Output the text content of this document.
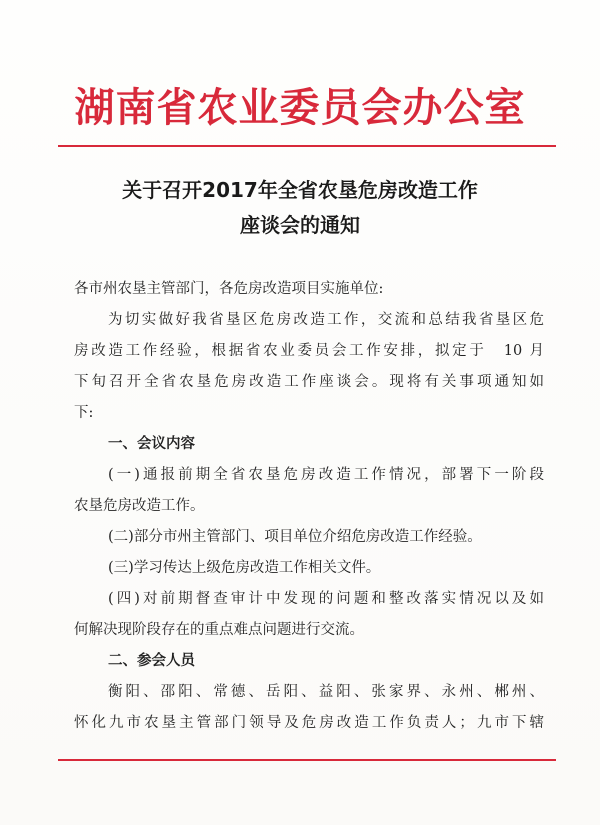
湖南省农业委员会办公室
关于召开2017年全省农垦危房改造工作
座谈会的通知
各市州农垦主管部门，各危房改造项目实施单位:
为切实做好我省垦区危房改造工作，交流和总结我省垦区危
房改造工作经验，根据省农业委员会工作安排，拟定于　10 月
下旬召开全省农垦危房改造工作座谈会。现将有关事项通知如
下:
一、会议内容
(一)通报前期全省农垦危房改造工作情况，部署下一阶段
农垦危房改造工作。
(二)部分市州主管部门、项目单位介绍危房改造工作经验。
(三)学习传达上级危房改造工作相关文件。
(四)对前期督查审计中发现的问题和整改落实情况以及如
何解决现阶段存在的重点难点问题进行交流。
二、参会人员
衡阳、邵阳、常德、岳阳、益阳、张家界、永州、郴州、
怀化九市农垦主管部门领导及危房改造工作负责人；九市下辖
